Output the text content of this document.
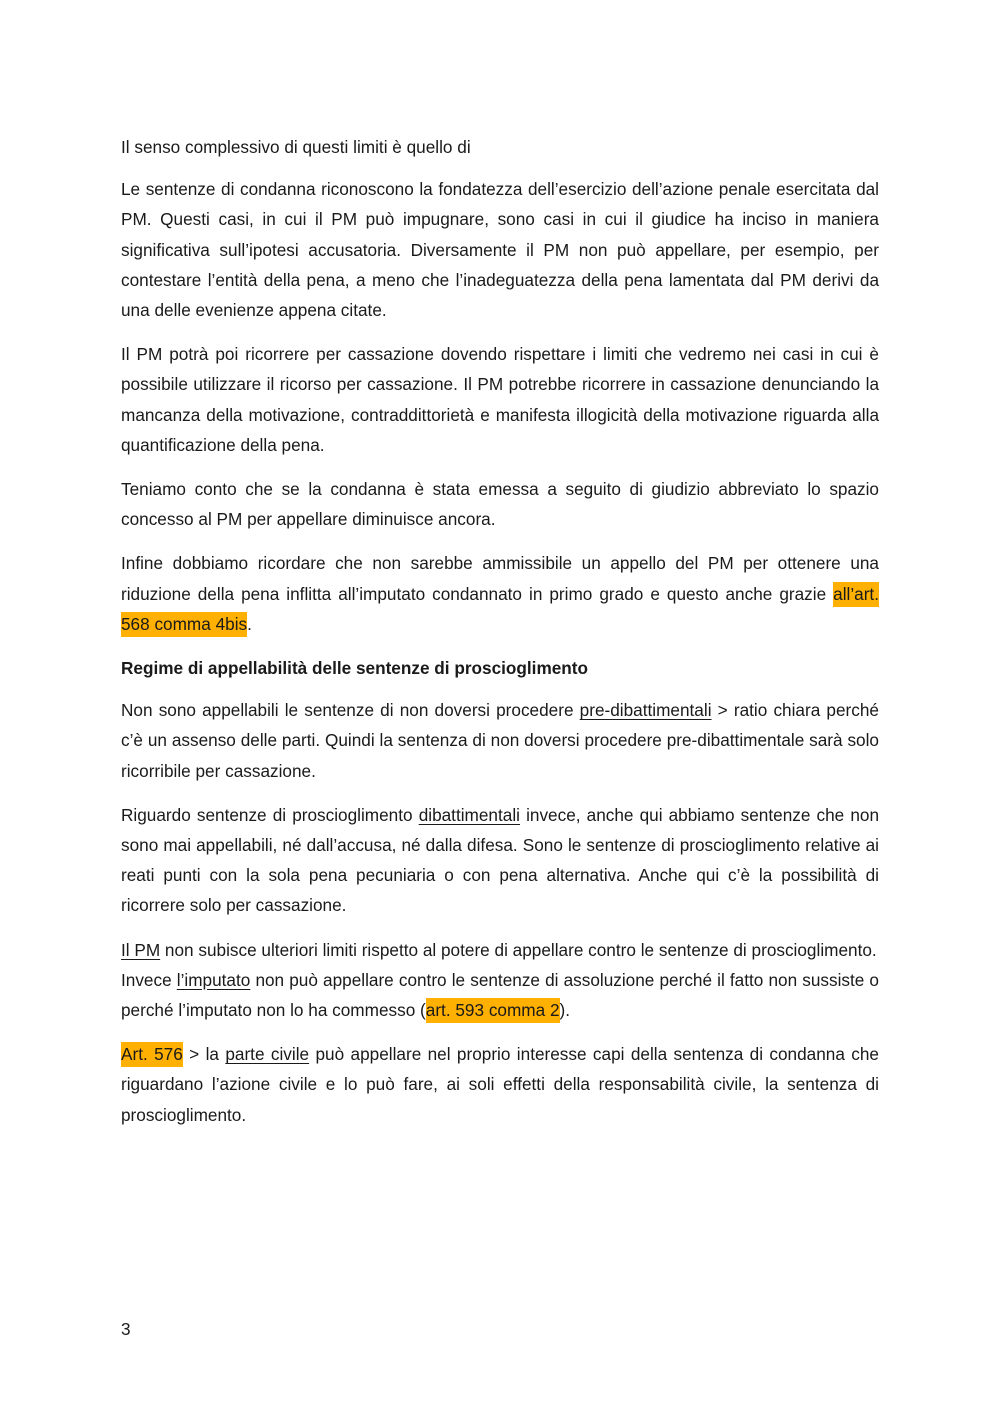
Il senso complessivo di questi limiti è quello di

Le sentenze di condanna riconoscono la fondatezza dell’esercizio dell’azione penale esercitata dal PM. Questi casi, in cui il PM può impugnare, sono casi in cui il giudice ha inciso in maniera significativa sull’ipotesi accusatoria. Diversamente il PM non può appellare, per esempio, per contestare l’entità della pena, a meno che l’inadeguatezza della pena lamentata dal PM derivi da una delle evenienze appena citate.

Il PM potrà poi ricorrere per cassazione dovendo rispettare i limiti che vedremo nei casi in cui è possibile utilizzare il ricorso per cassazione. Il PM potrebbe ricorrere in cassazione denunciando la mancanza della motivazione, contraddittorietà e manifesta illogicità della motivazione riguarda alla quantificazione della pena.

Teniamo conto che se la condanna è stata emessa a seguito di giudizio abbreviato lo spazio concesso al PM per appellare diminuisce ancora.

Infine dobbiamo ricordare che non sarebbe ammissibile un appello del PM per ottenere una riduzione della pena inflitta all’imputato condannato in primo grado e questo anche grazie all’art. 568 comma 4bis.

Regime di appellabilità delle sentenze di proscioglimento

Non sono appellabili le sentenze di non doversi procedere pre-dibattimentali > ratio chiara perché c’è un assenso delle parti. Quindi la sentenza di non doversi procedere pre-dibattimentale sarà solo ricorribile per cassazione.

Riguardo sentenze di proscioglimento dibattimentali invece, anche qui abbiamo sentenze che non sono mai appellabili, né dall’accusa, né dalla difesa. Sono le sentenze di proscioglimento relative ai reati punti con la sola pena pecuniaria o con pena alternativa. Anche qui c’è la possibilità di ricorrere solo per cassazione.

Il PM non subisce ulteriori limiti rispetto al potere di appellare contro le sentenze di proscioglimento.

Invece l’imputato non può appellare contro le sentenze di assoluzione perché il fatto non sussiste o perché l’imputato non lo ha commesso (art. 593 comma 2).

Art. 576 > la parte civile può appellare nel proprio interesse capi della sentenza di condanna che riguardano l’azione civile e lo può fare, ai soli effetti della responsabilità civile, la sentenza di proscioglimento.

3
